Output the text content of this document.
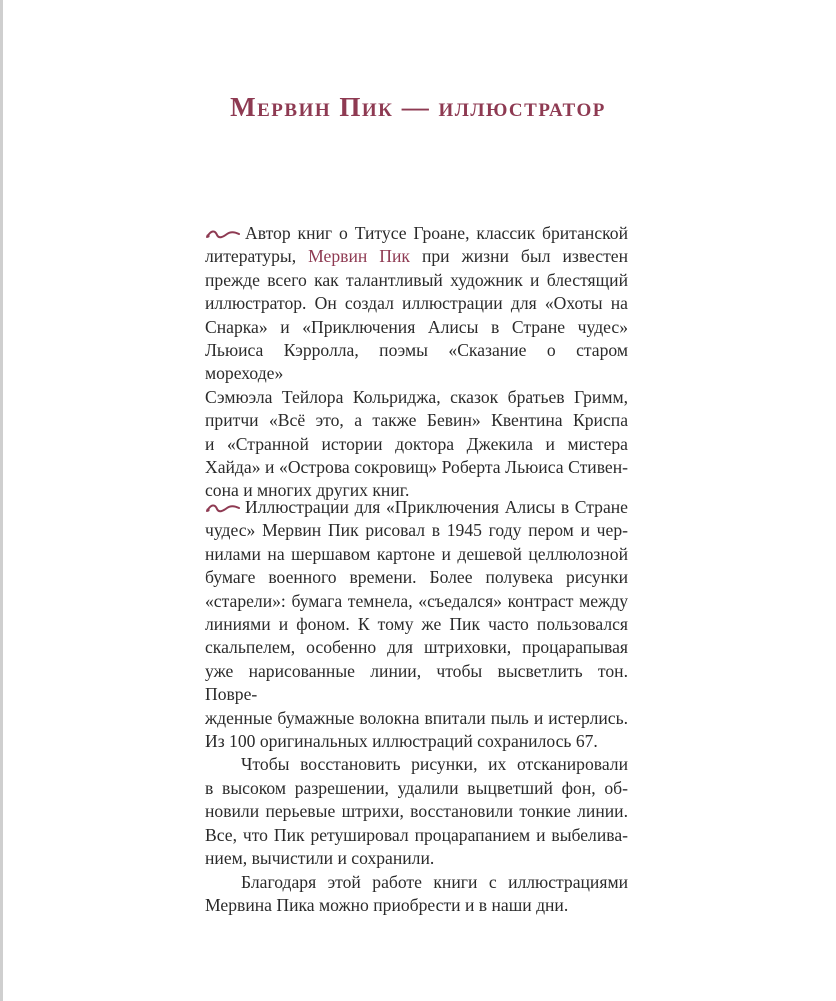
Мервин Пик — иллюстратор
Автор книг о Титусе Гроане, классик британской
литературы, Мервин Пик при жизни был известен
прежде всего как талантливый художник и блестящий
иллюстратор. Он создал иллюстрации для «Охоты на
Снарка» и «Приключения Алисы в Стране чудес» Льюиса Кэрролла, поэмы «Сказание о старом мореходе»
Сэмюэла Тейлора Кольриджа, сказок братьев Гримм,
притчи «Всё это, а также Бевин» Квентина Криспа
и «Странной истории доктора Джекила и мистера
Хайда» и «Острова сокровищ» Роберта Льюиса Стивен-
сона и многих других книг.
Иллюстрации для «Приключения Алисы в Стране
чудес» Мервин Пик рисовал в 1945 году пером и чер-
нилами на шершавом картоне и дешевой целлюлозной
бумаге военного времени. Более полувека рисунки
«старели»: бумага темнела, «съедался» контраст между
линиями и фоном. К тому же Пик часто пользовался
скальпелем, особенно для штриховки, процарапывая
уже нарисованные линии, чтобы высветлить тон. Повре-
жденные бумажные волокна впитали пыль и истерлись.
Из 100 оригинальных иллюстраций сохранилось 67.
Чтобы восстановить рисунки, их отсканировали
в высоком разрешении, удалили выцветший фон, об-
новили перьевые штрихи, восстановили тонкие линии.
Все, что Пик ретушировал процарапанием и выбелива-
нием, вычистили и сохранили.
Благодаря этой работе книги с иллюстрациями
Мервина Пика можно приобрести и в наши дни.
